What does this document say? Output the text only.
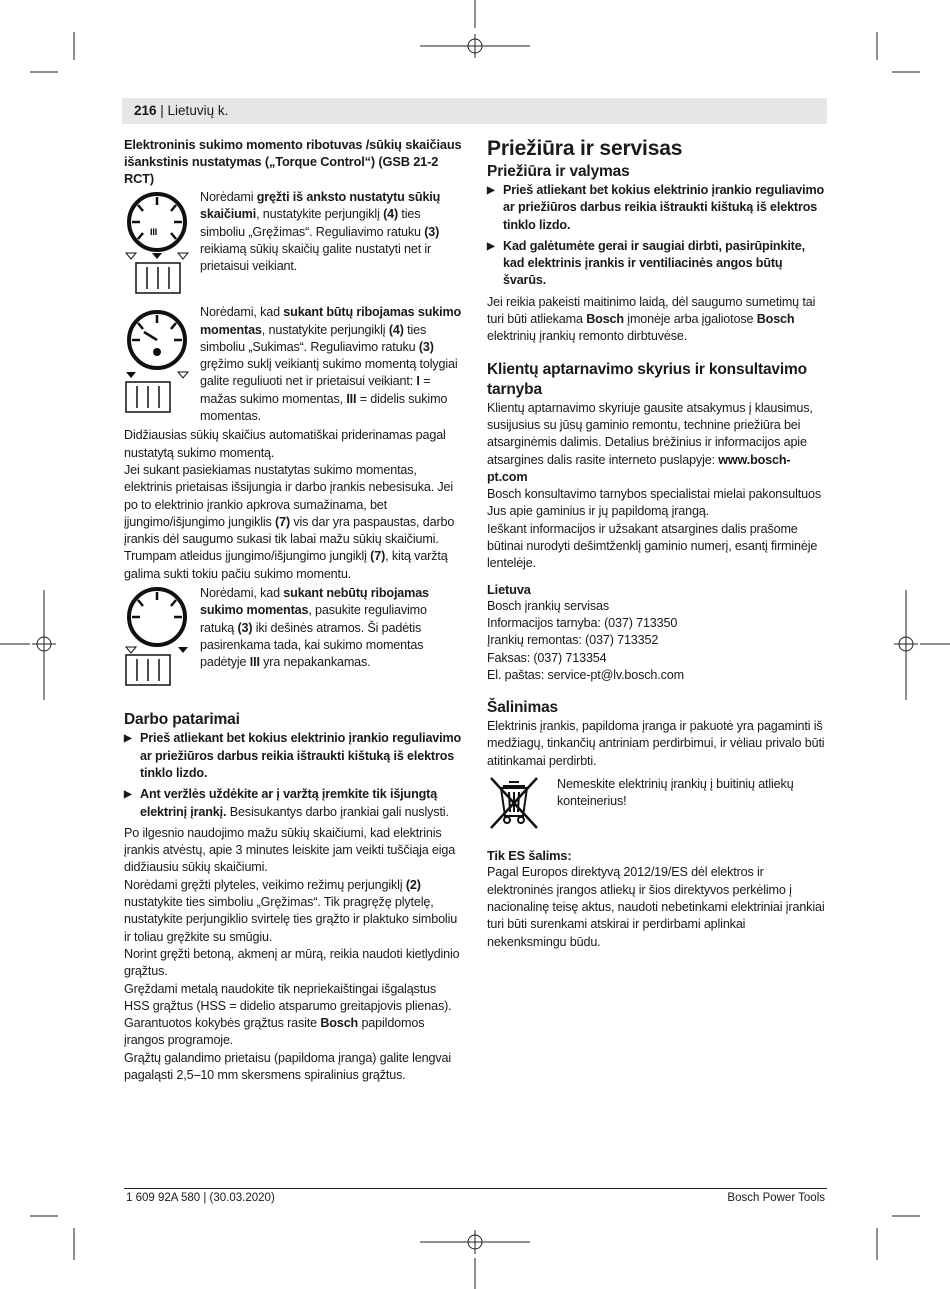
216 | Lietuvių k.

Elektroninis sukimo momento ribotuvas /sūkių skaičiaus išankstinis nustatymas („Torque Control“) (GSB 21-2 RCT)

III

Norėdami gręžti iš anksto nustatytu sūkių skaičiumi, nustatykite perjungiklį (4) ties simboliu „Gręžimas“. Reguliavimo ratuku (3) reikiamą sūkių skaičių galite nustatyti net ir prietaisui veikiant.

Norėdami, kad sukant būtų ribojamas sukimo momentas, nustatykite perjungiklį (4) ties simboliu „Sukimas“. Reguliavimo ratuku (3) gręžimo suklį veikiantį sukimo momentą tolygiai galite reguliuoti net ir prietaisui veikiant: I = mažas sukimo momentas, III = didelis sukimo momentas.

Didžiausias sūkių skaičius automatiškai priderinamas pagal nustatytą sukimo momentą.

Jei sukant pasiekiamas nustatytas sukimo momentas, elektrinis prietaisas išsijungia ir darbo įrankis nebesisuka. Jei po to elektrinio įrankio apkrova sumažinama, bet įjungimo/išjungimo jungiklis (7) vis dar yra paspaustas, darbo įrankis dėl saugumo sukasi tik labai mažu sūkių skaičiumi.

Trumpam atleidus įjungimo/išjungimo jungiklį (7), kitą varžtą galima sukti tokiu pačiu sukimo momentu.

Norėdami, kad sukant nebūtų ribojamas sukimo momentas, pasukite reguliavimo ratuką (3) iki dešinės atramos. Ši padėtis pasirenkama tada, kai sukimo momentas padėtyje III yra nepakankamas.

Darbo patarimai

▶ Prieš atliekant bet kokius elektrinio įrankio reguliavimo ar priežiūros darbus reikia ištraukti kištuką iš elektros tinklo lizdo.

▶ Ant veržlės uždėkite ar į varžtą įremkite tik išjungtą elektrinį įrankį. Besisukantys darbo įrankiai gali nuslysti.

Po ilgesnio naudojimo mažu sūkių skaičiumi, kad elektrinis įrankis atvėstų, apie 3 minutes leiskite jam veikti tuščiąja eiga didžiausiu sūkių skaičiumi.

Norėdami gręžti plyteles, veikimo režimų perjungiklį (2) nustatykite ties simboliu „Gręžimas“. Tik pragręžę plytelę, nustatykite perjungiklio svirtelę ties grąžto ir plaktuko simboliu ir toliau gręžkite su smūgiu.

Norint gręžti betoną, akmenį ar mūrą, reikia naudoti kietlydinio grąžtus.

Gręždami metalą naudokite tik nepriekaištingai išgaląstus HSS grąžtus (HSS = didelio atsparumo greitapjovis plienas). Garantuotos kokybės grąžtus rasite Bosch papildomos įrangos programoje.

Grąžtų galandimo prietaisu (papildoma įranga) galite lengvai pagaląsti 2,5–10 mm skersmens spiralinius grąžtus.

Priežiūra ir servisas

Priežiūra ir valymas

▶ Prieš atliekant bet kokius elektrinio įrankio reguliavimo ar priežiūros darbus reikia ištraukti kištuką iš elektros tinklo lizdo.

▶ Kad galėtumėte gerai ir saugiai dirbti, pasirūpinkite, kad elektrinis įrankis ir ventiliacinės angos būtų švarūs.

Jei reikia pakeisti maitinimo laidą, dėl saugumo sumetimų tai turi būti atliekama Bosch įmonėje arba įgaliotose Bosch elektrinių įrankių remonto dirbtuvėse.

Klientų aptarnavimo skyrius ir konsultavimo tarnyba

Klientų aptarnavimo skyriuje gausite atsakymus į klausimus, susijusius su jūsų gaminio remontu, technine priežiūra bei atsarginėmis dalimis. Detalius brėžinius ir informacijos apie atsargines dalis rasite interneto puslapyje: www.bosch-pt.com

Bosch konsultavimo tarnybos specialistai mielai pakonsultuos Jus apie gaminius ir jų papildomą įrangą.

Ieškant informacijos ir užsakant atsargines dalis prašome būtinai nurodyti dešimtženklį gaminio numerį, esantį firminėje lentelėje.

Lietuva

Bosch įrankių servisas

Informacijos tarnyba: (037) 713350

Įrankių remontas: (037) 713352

Faksas: (037) 713354

El. paštas: service-pt@lv.bosch.com

Šalinimas

Elektrinis įrankis, papildoma įranga ir pakuotė yra pagaminti iš medžiagų, tinkančių antriniam perdirbimui, ir vėliau privalo būti atitinkamai perdirbti.

Nemeskite elektrinių įrankių į buitinių atliekų konteinerius!

Tik ES šalims:

Pagal Europos direktyvą 2012/19/ES dėl elektros ir elektroninės įrangos atliekų ir šios direktyvos perkėlimo į nacionalinę teisę aktus, naudoti nebetinkami elektriniai įrankiai turi būti surenkami atskirai ir perdirbami aplinkai nekenksmingu būdu.

1 609 92A 580 | (30.03.2020)	Bosch Power Tools
